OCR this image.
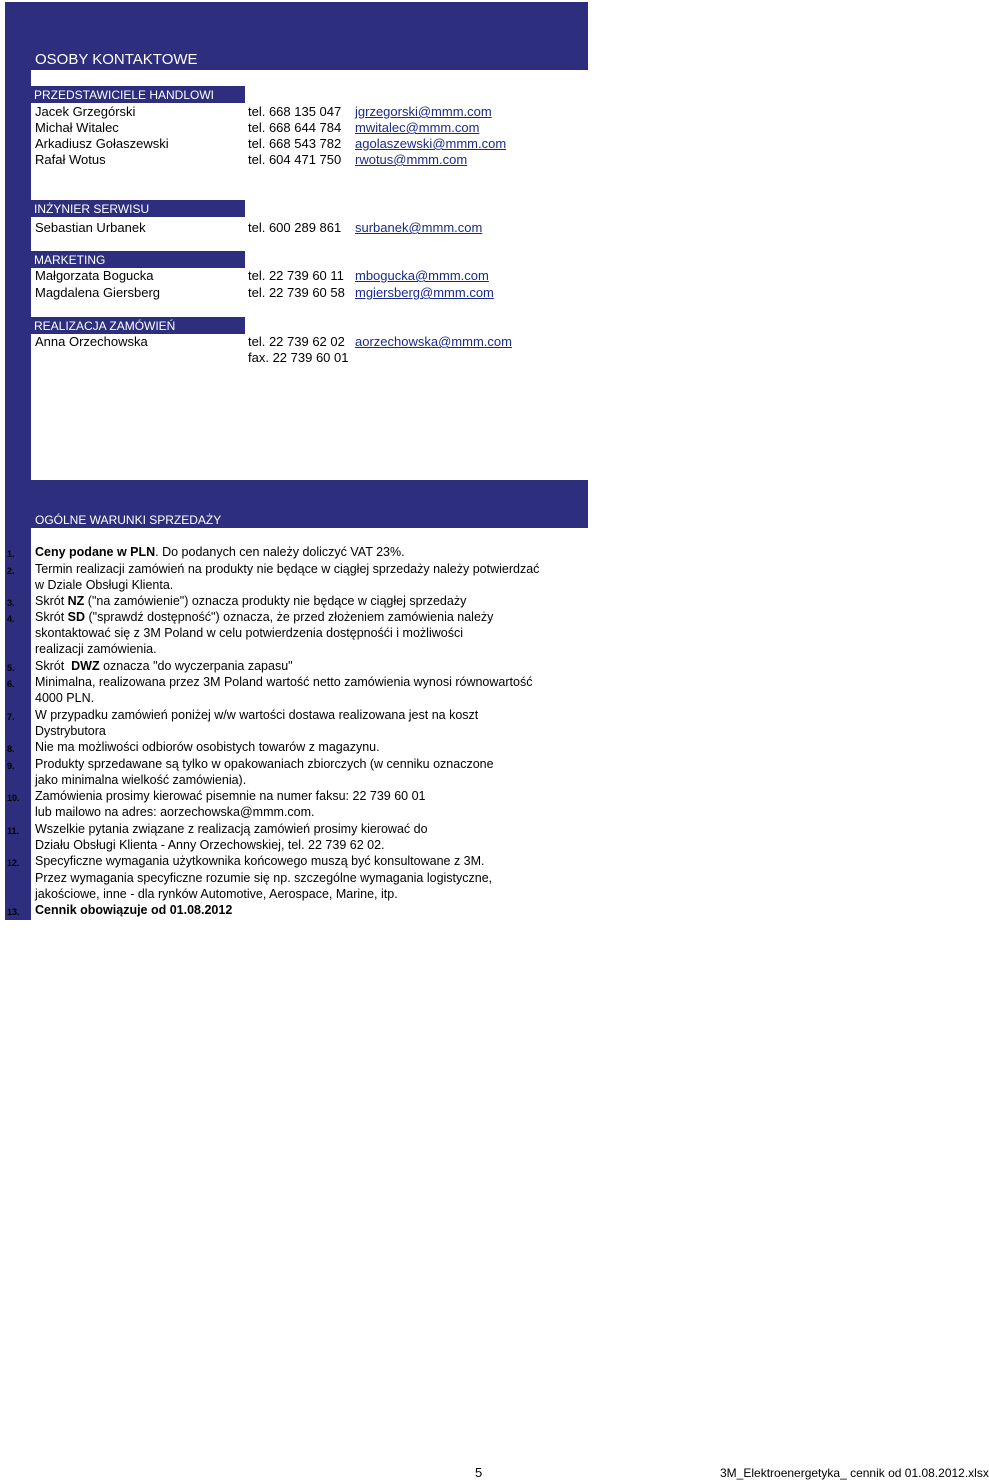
OSOBY KONTAKTOWE
PRZEDSTAWICIELE HANDLOWI
Jacek Grzegórski	tel. 668 135 047 jgrzegorski@mmm.com
Michał Witalec	tel. 668 644 784 mwitalec@mmm.com
Arkadiusz Gołaszewski	tel. 668 543 782 agolaszewski@mmm.com
Rafał Wotus	tel. 604 471 750 rwotus@mmm.com
INŻYNIER SERWISU
Sebastian Urbanek	tel. 600 289 861 surbanek@mmm.com
MARKETING
Małgorzata Bogucka	tel. 22 739 60 11 mbogucka@mmm.com
Magdalena Giersberg	tel. 22 739 60 58 mgiersberg@mmm.com
REALIZACJA ZAMÓWIEŃ
Anna Orzechowska	tel. 22 739 62 02 aorzechowska@mmm.com
fax. 22 739 60 01
OGÓLNE WARUNKI SPRZEDAŻY
1. Ceny podane w PLN. Do podanych cen należy doliczyć VAT 23%.
2. Termin realizacji zamówień na produkty nie będące w ciągłej sprzedaży należy potwierdzać
w Dziale Obsługi Klienta.
3. Skrót NZ ("na zamówienie") oznacza produkty nie będące w ciągłej sprzedaży
4. Skrót SD ("sprawdź dostępność") oznacza, że przed złożeniem zamówienia należy
skontaktować się z 3M Poland w celu potwierdzenia dostępnośći i możliwości
realizacji zamówienia.
5. Skrót  DWZ oznacza "do wyczerpania zapasu"
6. Minimalna, realizowana przez 3M Poland wartość netto zamówienia wynosi równowartość
4000 PLN.
7. W przypadku zamówień poniżej w/w wartości dostawa realizowana jest na koszt
Dystrybutora
8. Nie ma możliwości odbiorów osobistych towarów z magazynu.
9. Produkty sprzedawane są tylko w opakowaniach zbiorczych (w cenniku oznaczone
jako minimalna wielkość zamówienia).
10. Zamówienia prosimy kierować pisemnie na numer faksu: 22 739 60 01
lub mailowo na adres: aorzechowska@mmm.com.
11. Wszelkie pytania związane z realizacją zamówień prosimy kierować do
Działu Obsługi Klienta - Anny Orzechowskiej, tel. 22 739 62 02.
12. Specyficzne wymagania użytkownika końcowego muszą być konsultowane z 3M.
Przez wymagania specyficzne rozumie się np. szczególne wymagania logistyczne,
jakościowe, inne - dla rynków Automotive, Aerospace, Marine, itp.
13. Cennik obowiązuje od 01.08.2012
5	3M_Elektroenergetyka_ cennik od 01.08.2012.xlsx
